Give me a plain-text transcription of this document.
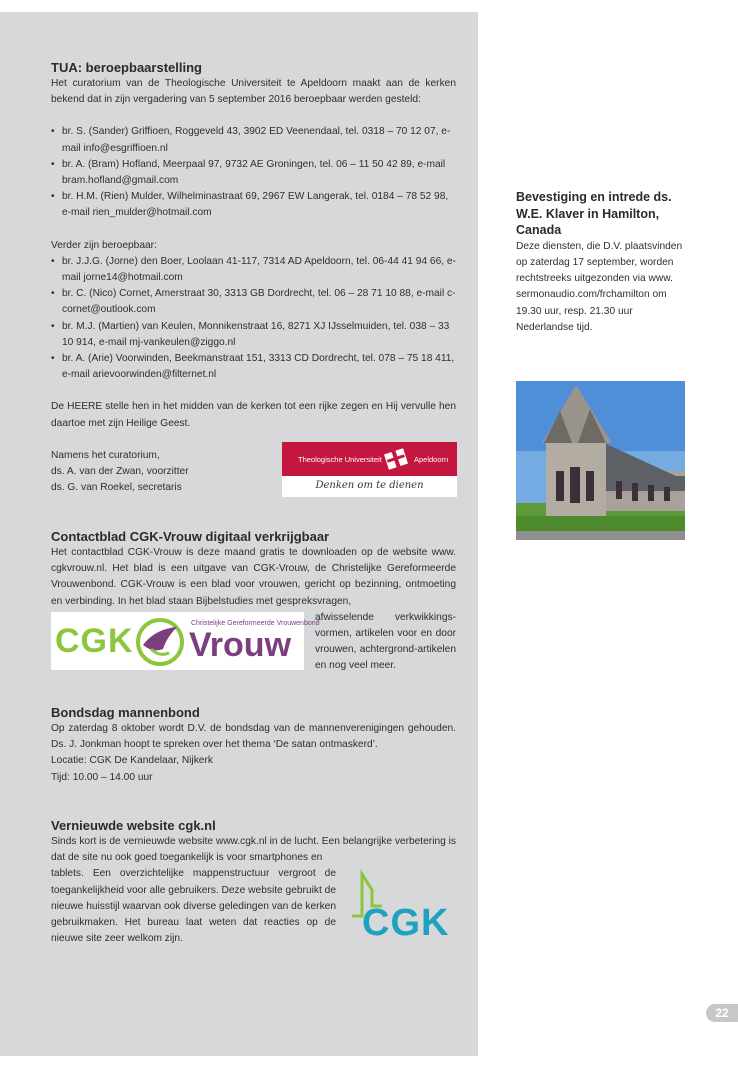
TUA: beroepbaarstelling

Het curatorium van de Theologische Universiteit te Apeldoorn maakt aan de kerken bekend dat in zijn vergadering van 5 september 2016 beroepbaar werden gesteld:

• br. S. (Sander) Griffioen, Roggeveld 43, 3902 ED Veenendaal, tel. 0318 – 70 12 07, e-mail info@esgriffioen.nl
• br. A. (Bram) Hofland, Meerpaal 97, 9732 AE Groningen, tel. 06 – 11 50 42 89, e-mail bram.hofland@gmail.com
• br. H.M. (Rien) Mulder, Wilhelminastraat 69, 2967 EW Langerak, tel. 0184 – 78 52 98, e-mail rien_mulder@hotmail.com

Verder zijn beroepbaar:

• br. J.J.G. (Jorne) den Boer, Loolaan 41-117, 7314 AD Apeldoorn, tel. 06-44 41 94 66, e-mail jorne14@hotmail.com
• br. C. (Nico) Cornet, Amerstraat 30, 3313 GB Dordrecht, tel. 06 – 28 71 10 88, e-mail c-cornet@outlook.com
• br. M.J. (Martien) van Keulen, Monnikenstraat 16, 8271 XJ IJsselmuiden, tel. 038 – 33 10 914, e-mail mj-vankeulen@ziggo.nl
• br. A. (Arie) Voorwinden, Beekmanstraat 151, 3313 CD Dordrecht, tel. 078 – 75 18 411, e-mail arievoorwinden@filternet.nl

De HEERE stelle hen in het midden van de kerken tot een rijke zegen en Hij vervulle hen daartoe met zijn Heilige Geest.

Namens het curatorium,

ds. A. van der Zwan, voorzitter

ds. G. van Roekel, secretaris

Theologische Universiteit	Apeldoorn
Denken om te dienen
Contactblad CGK-Vrouw digitaal verkrijgbaar

Het contactblad CGK-Vrouw is deze maand gratis te downloaden op de website www. cgkvrouw.nl. Het blad is een uitgave van CGK-Vrouw, de Christelijke Gereformeerde Vrouwenbond. CGK-Vrouw is een blad voor vrouwen, gericht op bezinning, ontmoeting en verbinding. In het blad staan Bijbelstudies met gespreksvragen,

CGK	Christelijke Gereformeerde Vrouwenbond
Vrouw

afwisselende verkwikkings-vormen, artikelen voor en door vrouwen, achtergrond-artikelen en nog veel meer.

Bondsdag mannenbond

Op zaterdag 8 oktober wordt D.V. de bondsdag van de mannenverenigingen gehouden. Ds. J. Jonkman hoopt te spreken over het thema ‘De satan ontmaskerd’.

Locatie: CGK De Kandelaar, Nijkerk

Tijd: 10.00 – 14.00 uur

Vernieuwde website cgk.nl

Sinds kort is de vernieuwde website www.cgk.nl in de lucht. Een belangrijke verbetering is dat de site nu ook goed toegankelijk is voor smartphones en

tablets. Een overzichtelijke mappenstructuur vergroot de toegankelijkheid voor alle gebruikers. Deze website gebruikt de nieuwe huisstijl waarvan ook diverse geledingen van de kerken gebruikmaken. Het bureau laat weten dat reacties op de nieuwe site zeer welkom zijn.	CGK
Bevestiging en intrede ds. W.E. Klaver in Hamilton, Canada

Deze diensten, die D.V. plaatsvinden op zaterdag 17 september, worden rechtstreeks uitgezonden via www. sermonaudio.com/frchamilton om 19.30 uur, resp. 21.30 uur Nederlandse tijd.

22
